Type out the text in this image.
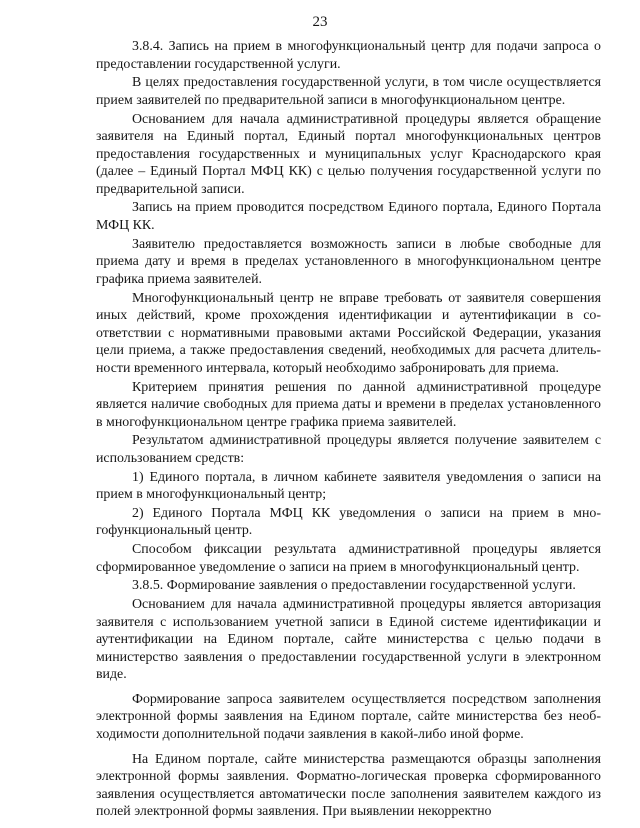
23

3.8.4. Запись на прием в многофункциональный центр для подачи запроса о предоставлении государственной услуги.

В целях предоставления государственной услуги, в том числе осуществляется прием заявителей по предварительной записи в многофункциональном центре.

Основанием для начала административной процедуры является обращение заявителя на Единый портал, Единый портал многофункциональных центров предоставления государственных и муниципальных услуг Краснодарского края (далее – Единый Портал МФЦ КК) с целью получения государственной услуги по предварительной записи.

Запись на прием проводится посредством Единого портала, Единого Портала МФЦ КК.

Заявителю предоставляется возможность записи в любые свободные для приема дату и время в пределах установленного в многофункциональном центре графика приема заявителей.

Многофункциональный центр не вправе требовать от заявителя совершения иных действий, кроме прохождения идентификации и аутентификации в соответствии с нормативными правовыми актами Российской Федерации, указания цели приема, а также предоставления сведений, необходимых для расчета длительности временного интервала, который необходимо забронировать для приема.

Критерием принятия решения по данной административной процедуре является наличие свободных для приема даты и времени в пределах установленного в многофункциональном центре графика приема заявителей.

Результатом административной процедуры является получение заявителем с использованием средств:

1) Единого портала, в личном кабинете заявителя уведомления о записи на прием в многофункциональный центр;

2) Единого Портала МФЦ КК уведомления о записи на прием в многофункциональный центр.

Способом фиксации результата административной процедуры является сформированное уведомление о записи на прием в многофункциональный центр.

3.8.5. Формирование заявления о предоставлении государственной услуги.

Основанием для начала административной процедуры является авторизация заявителя с использованием учетной записи в Единой системе идентификации и аутентификации на Едином портале, сайте министерства с целью подачи в министерство заявления о предоставлении государственной услуги в электронном виде.

Формирование запроса заявителем осуществляется посредством заполнения электронной формы заявления на Едином портале, сайте министерства без необходимости дополнительной подачи заявления в какой-либо иной форме.

На Едином портале, сайте министерства размещаются образцы заполнения электронной формы заявления. Форматно-логическая проверка сформированного заявления осуществляется автоматически после заполнения заявителем каждого из полей электронной формы заявления. При выявлении некорректно
